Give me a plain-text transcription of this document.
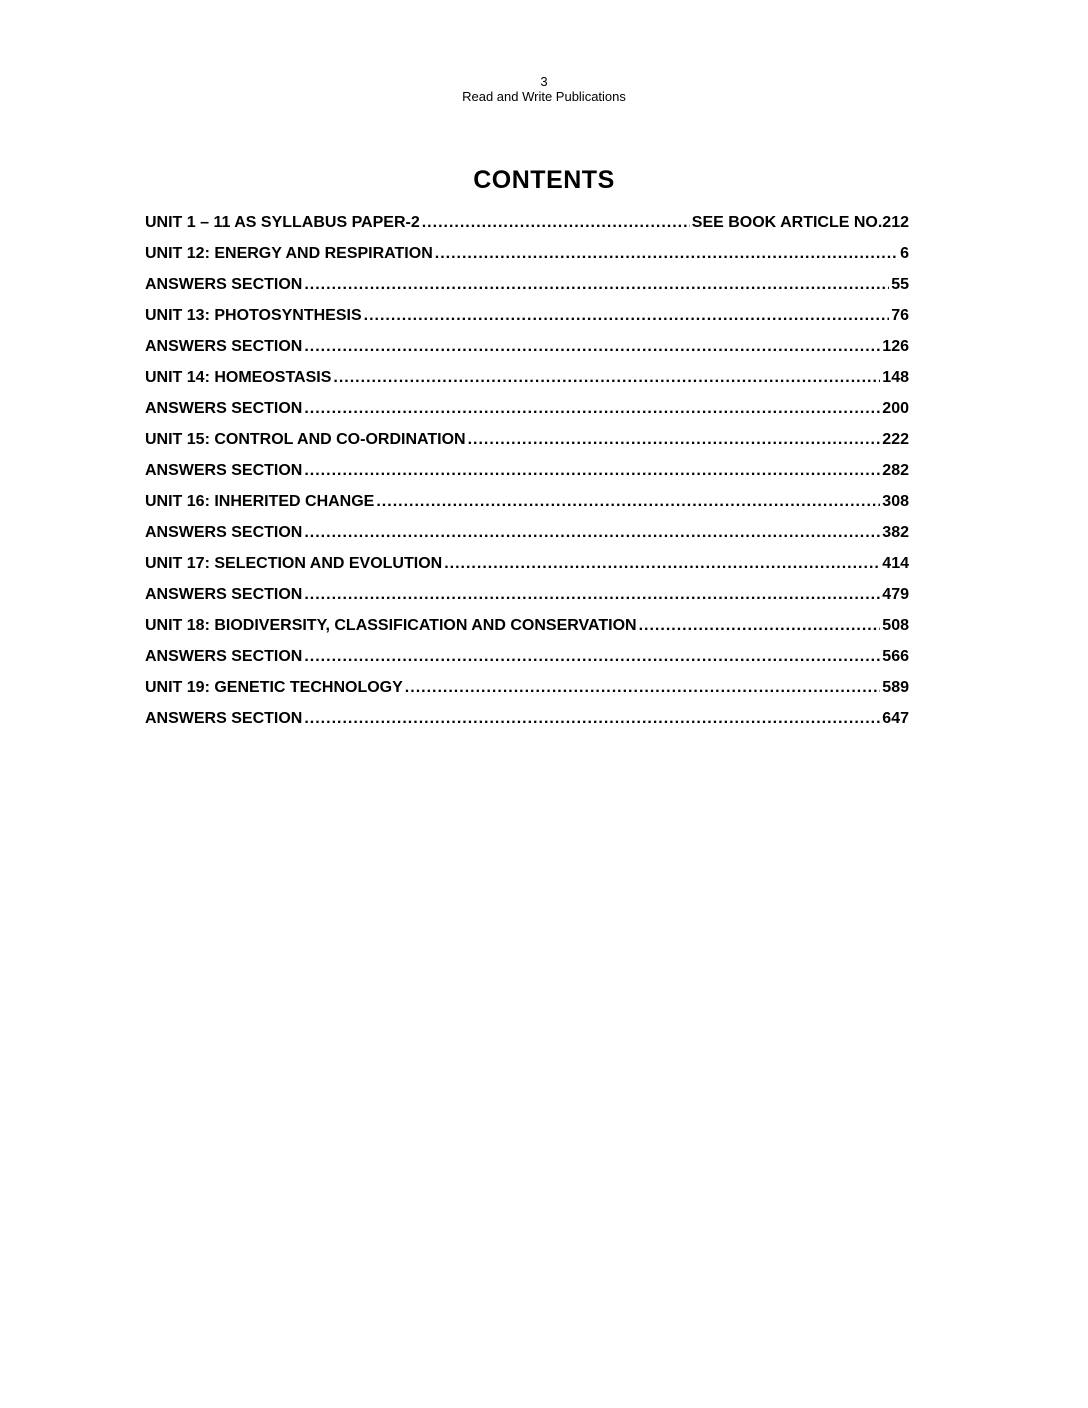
3
Read and Write Publications
CONTENTS
UNIT 1 – 11 AS SYLLABUS PAPER-2 .....	SEE BOOK ARTICLE NO.212
UNIT 12: ENERGY AND RESPIRATION .....	6
ANSWERS SECTION .....	55
UNIT 13: PHOTOSYNTHESIS .....	76
ANSWERS SECTION .....	126
UNIT 14: HOMEOSTASIS .....	148
ANSWERS SECTION .....	200
UNIT 15: CONTROL AND CO-ORDINATION .....	222
ANSWERS SECTION .....	282
UNIT 16: INHERITED CHANGE .....	308
ANSWERS SECTION .....	382
UNIT 17: SELECTION AND EVOLUTION .....	414
ANSWERS SECTION .....	479
UNIT 18: BIODIVERSITY, CLASSIFICATION AND CONSERVATION .....	508
ANSWERS SECTION .....	566
UNIT 19: GENETIC TECHNOLOGY .....	589
ANSWERS SECTION .....	647
